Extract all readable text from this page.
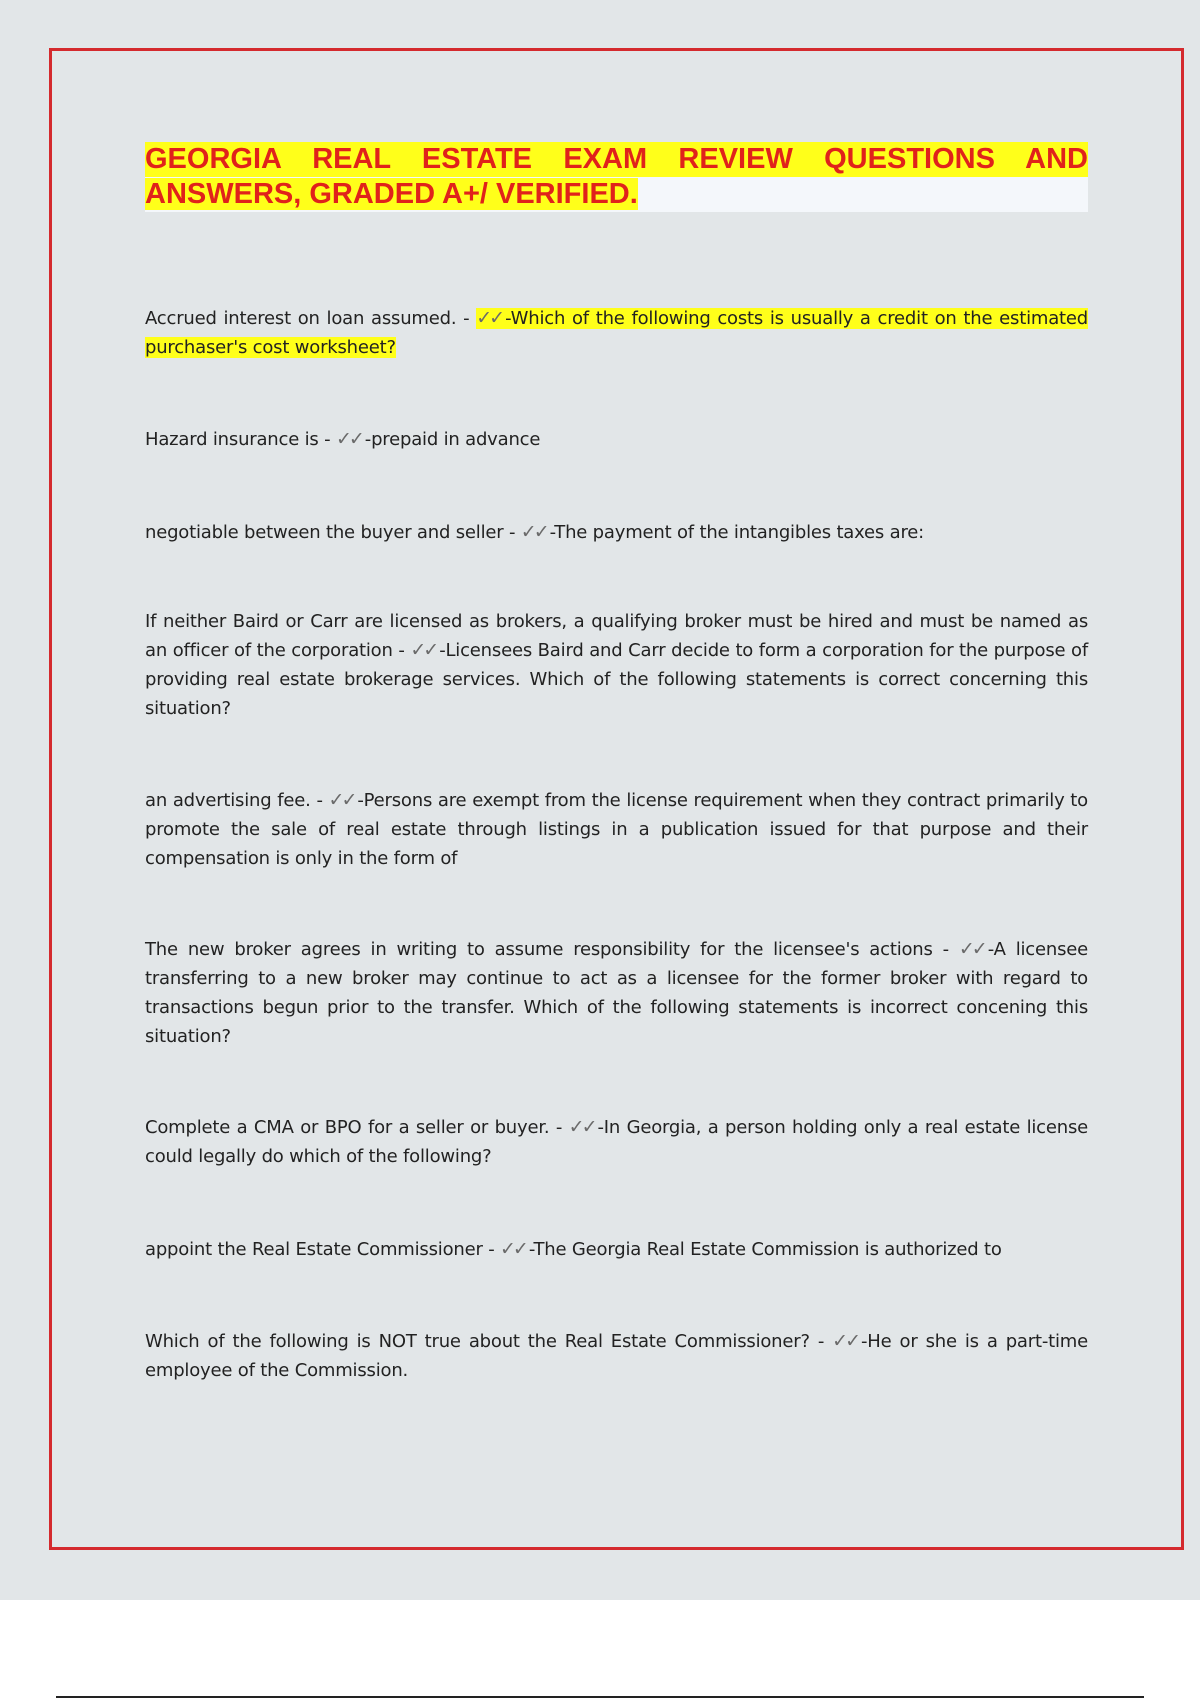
GEORGIA REAL ESTATE EXAM REVIEW QUESTIONS AND
ANSWERS, GRADED A+/ VERIFIED.

Accrued interest on loan assumed. - ✓✓ -Which of the following costs is usually a credit on the estimated purchaser's cost worksheet?

Hazard insurance is - ✓✓ -prepaid in advance

negotiable between the buyer and seller - ✓✓ -The payment of the intangibles taxes are:

If neither Baird or Carr are licensed as brokers, a qualifying broker must be hired and must be named as an officer of the corporation - ✓✓ -Licensees Baird and Carr decide to form a corporation for the purpose of providing real estate brokerage services. Which of the following statements is correct concerning this situation?

an advertising fee. - ✓✓ -Persons are exempt from the license requirement when they contract primarily to promote the sale of real estate through listings in a publication issued for that purpose and their compensation is only in the form of

The new broker agrees in writing to assume responsibility for the licensee's actions - ✓✓ -A licensee transferring to a new broker may continue to act as a licensee for the former broker with regard to transactions begun prior to the transfer. Which of the following statements is incorrect concening this situation?

Complete a CMA or BPO for a seller or buyer. - ✓✓ -In Georgia, a person holding only a real estate license could legally do which of the following?

appoint the Real Estate Commissioner - ✓✓ -The Georgia Real Estate Commission is authorized to

Which of the following is NOT true about the Real Estate Commissioner? - ✓✓ -He or she is a part-time employee of the Commission.
